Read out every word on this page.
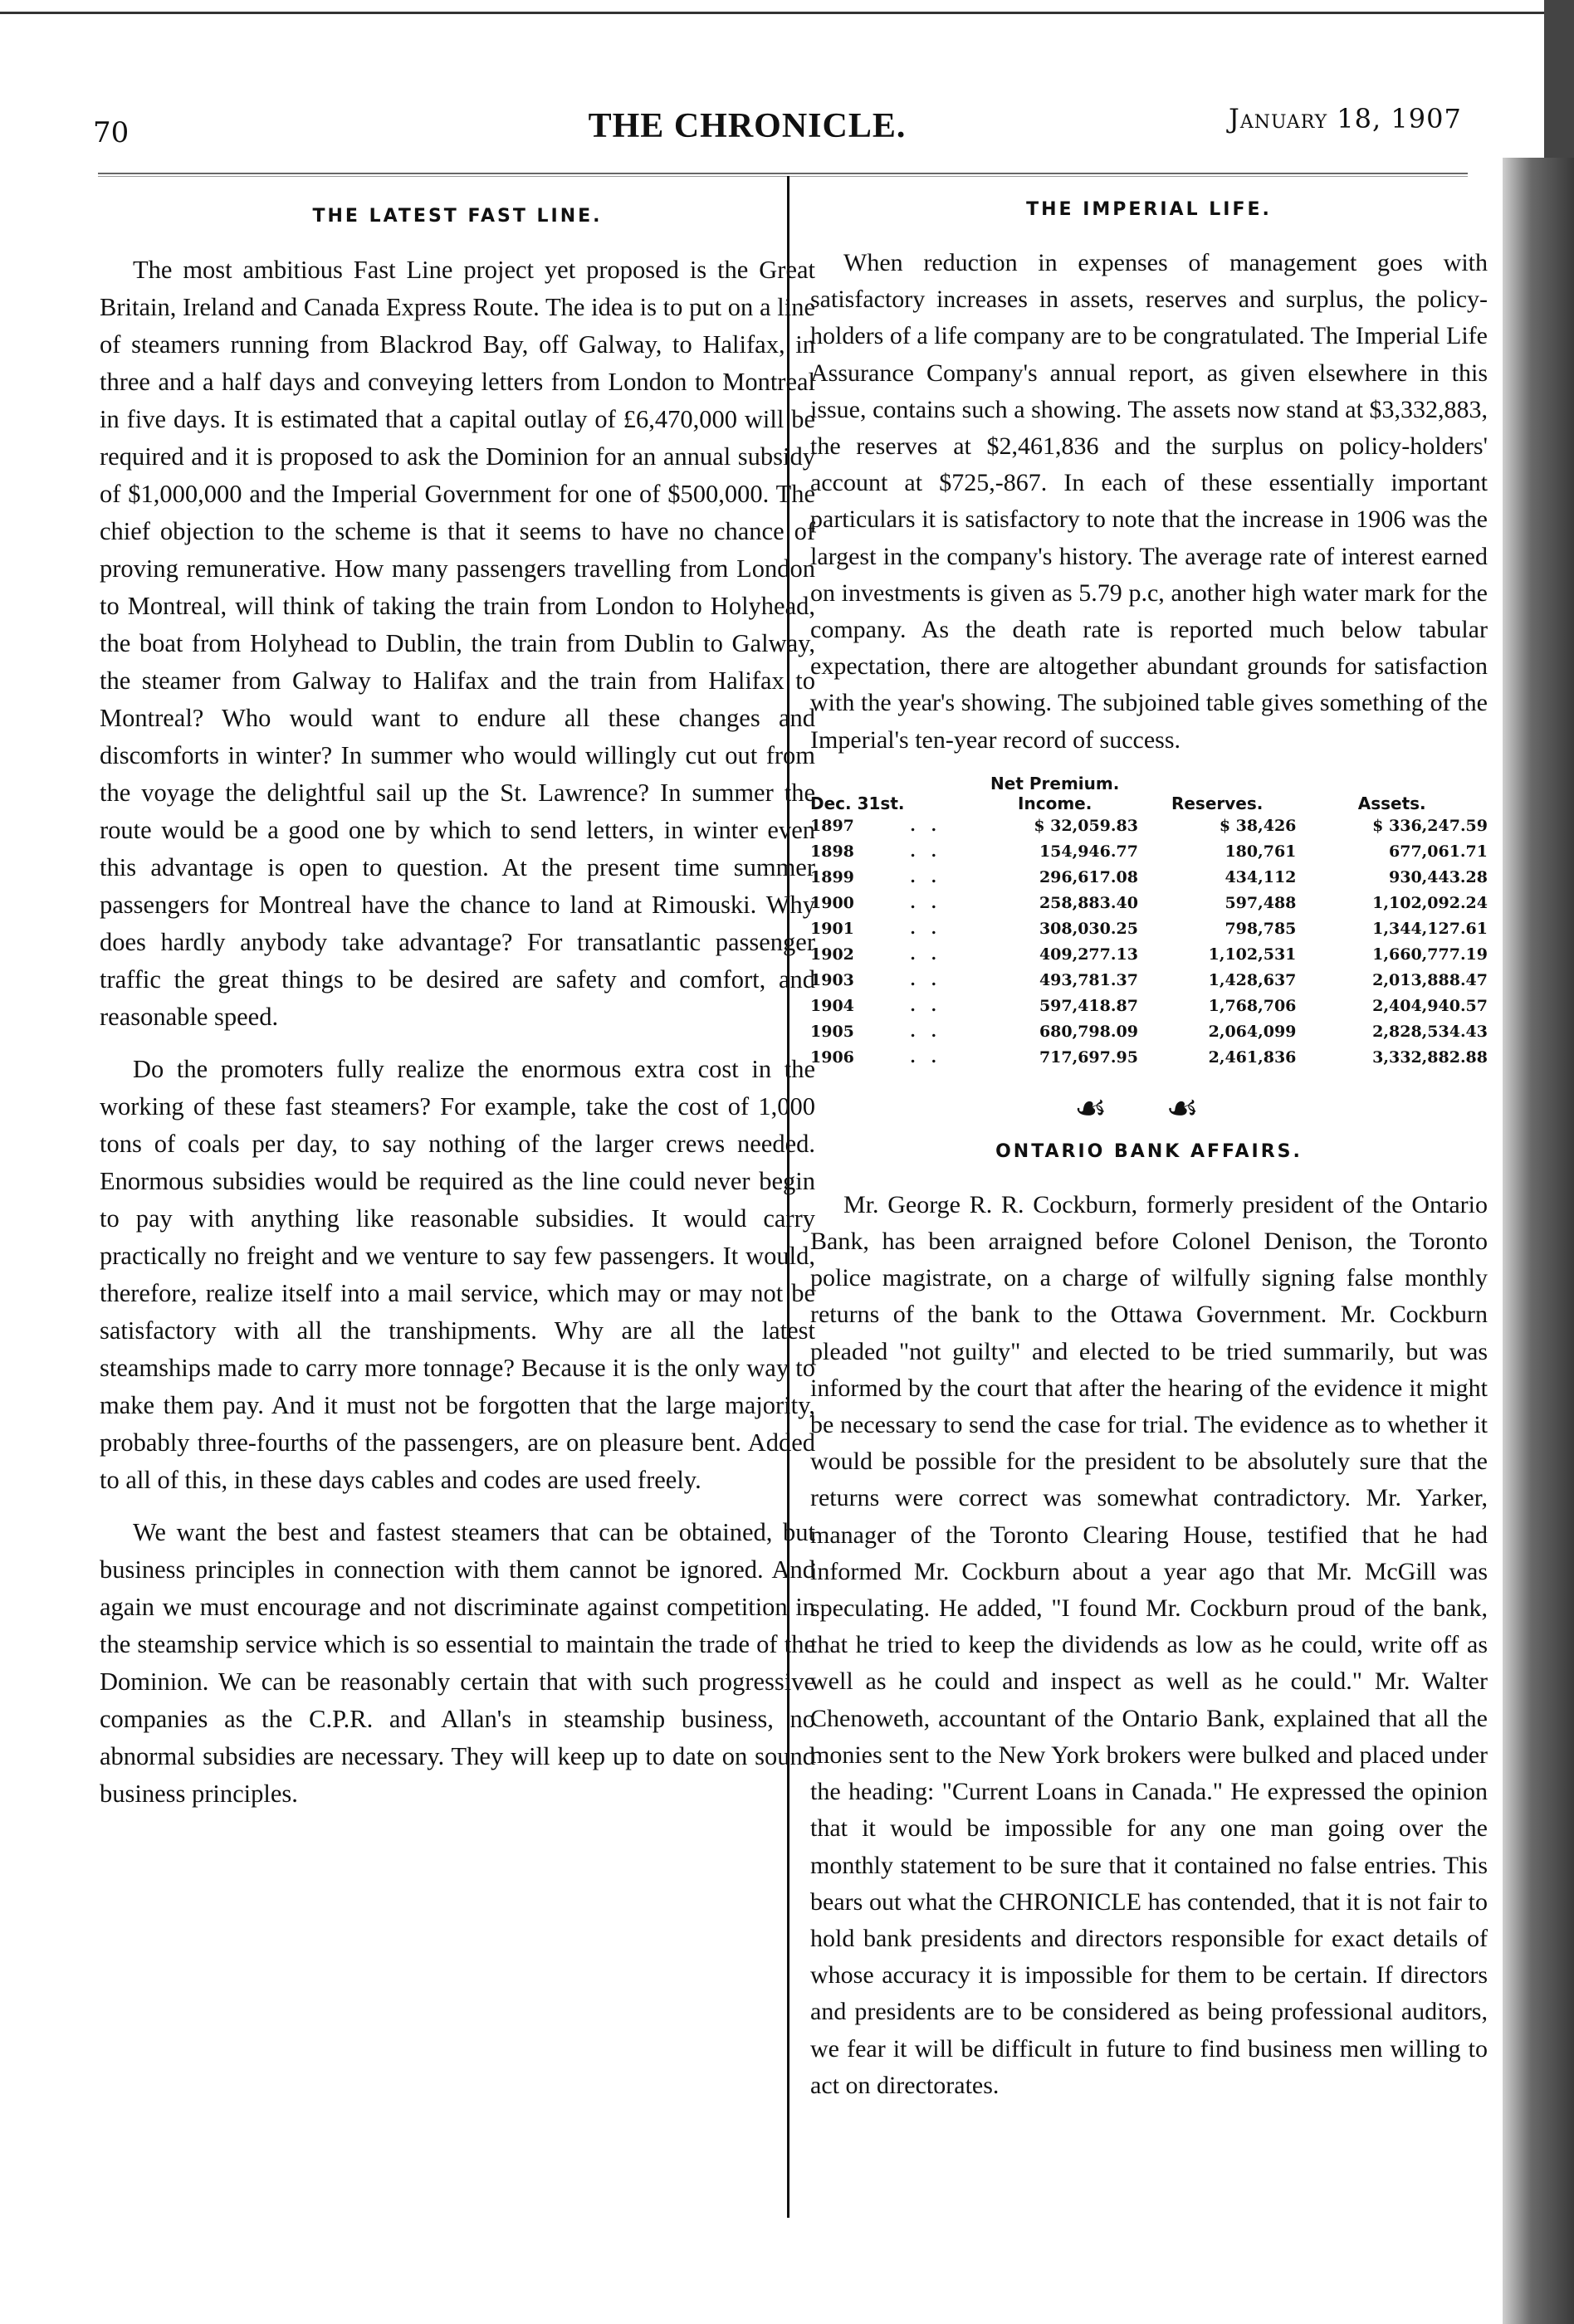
70	THE CHRONICLE.	January 18, 1907
THE LATEST FAST LINE.

The most ambitious Fast Line project yet proposed is the Great Britain, Ireland and Canada Express Route. The idea is to put on a line of steamers running from Blackrod Bay, off Galway, to Halifax, in three and a half days and conveying letters from London to Montreal in five days. It is estimated that a capital outlay of £6,470,000 will be required and it is proposed to ask the Dominion for an annual subsidy of $1,000,000 and the Imperial Government for one of $500,000. The chief objection to the scheme is that it seems to have no chance of proving remunerative. How many passengers travelling from London to Montreal, will think of taking the train from London to Holyhead, the boat from Holyhead to Dublin, the train from Dublin to Galway, the steamer from Galway to Halifax and the train from Halifax to Montreal? Who would want to endure all these changes and discomforts in winter? In summer who would willingly cut out from the voyage the delightful sail up the St. Lawrence? In summer the route would be a good one by which to send letters, in winter even this advantage is open to question. At the present time summer passengers for Montreal have the chance to land at Rimouski. Why does hardly anybody take advantage? For transatlantic passenger traffic the great things to be desired are safety and comfort, and reasonable speed.

Do the promoters fully realize the enormous extra cost in the working of these fast steamers? For example, take the cost of 1,000 tons of coals per day, to say nothing of the larger crews needed. Enormous subsidies would be required as the line could never begin to pay with anything like reasonable subsidies. It would carry practically no freight and we venture to say few passengers. It would, therefore, realize itself into a mail service, which may or may not be satisfactory with all the transhipments. Why are all the latest steamships made to carry more tonnage? Because it is the only way to make them pay. And it must not be forgotten that the large majority, probably three-fourths of the passengers, are on pleasure bent. Added to all of this, in these days cables and codes are used freely.

We want the best and fastest steamers that can be obtained, but business principles in connection with them cannot be ignored. And again we must encourage and not discriminate against competition in the steamship service which is so essential to maintain the trade of the Dominion. We can be reasonably certain that with such progressive companies as the C.P.R. and Allan's in steamship business, no abnormal subsidies are necessary. They will keep up to date on sound business principles.

THE IMPERIAL LIFE.

When reduction in expenses of management goes with satisfactory increases in assets, reserves and surplus, the policy-holders of a life company are to be congratulated. The Imperial Life Assurance Company's annual report, as given elsewhere in this issue, contains such a showing. The assets now stand at $3,332,883, the reserves at $2,461,836 and the surplus on policy-holders' account at $725,-867. In each of these essentially important particulars it is satisfactory to note that the increase in 1906 was the largest in the company's history. The average rate of interest earned on investments is given as 5.79 p.c, another high water mark for the company. As the death rate is reported much below tabular expectation, there are altogether abundant grounds for satisfaction with the year's showing. The subjoined table gives something of the Imperial's ten-year record of success.

Dec. 31st.		Net Premium. Income.	Reserves.	Assets.
1897	. .	$ 32,059.83	$ 38,426	$ 336,247.59
1898	. .	154,946.77	180,761	677,061.71
1899	. .	296,617.08	434,112	930,443.28
1900	. .	258,883.40	597,488	1,102,092.24
1901	. .	308,030.25	798,785	1,344,127.61
1902	. .	409,277.13	1,102,531	1,660,777.19
1903	. .	493,781.37	1,428,637	2,013,888.47
1904	. .	597,418.87	1,768,706	2,404,940.57
1905	. .	680,798.09	2,064,099	2,828,534.43
1906	. .	717,697.95	2,461,836	3,332,882.88
☙ ☙
ONTARIO BANK AFFAIRS.

Mr. George R. R. Cockburn, formerly president of the Ontario Bank, has been arraigned before Colonel Denison, the Toronto police magistrate, on a charge of wilfully signing false monthly returns of the bank to the Ottawa Government. Mr. Cockburn pleaded "not guilty" and elected to be tried summarily, but was informed by the court that after the hearing of the evidence it might be necessary to send the case for trial. The evidence as to whether it would be possible for the president to be absolutely sure that the returns were correct was somewhat contradictory. Mr. Yarker, manager of the Toronto Clearing House, testified that he had informed Mr. Cockburn about a year ago that Mr. McGill was speculating. He added, "I found Mr. Cockburn proud of the bank, that he tried to keep the dividends as low as he could, write off as well as he could and inspect as well as he could." Mr. Walter Chenoweth, accountant of the Ontario Bank, explained that all the monies sent to the New York brokers were bulked and placed under the heading: "Current Loans in Canada." He expressed the opinion that it would be impossible for any one man going over the monthly statement to be sure that it contained no false entries. This bears out what the CHRONICLE has contended, that it is not fair to hold bank presidents and directors responsible for exact details of whose accuracy it is impossible for them to be certain. If directors and presidents are to be considered as being professional auditors, we fear it will be difficult in future to find business men willing to act on directorates.
